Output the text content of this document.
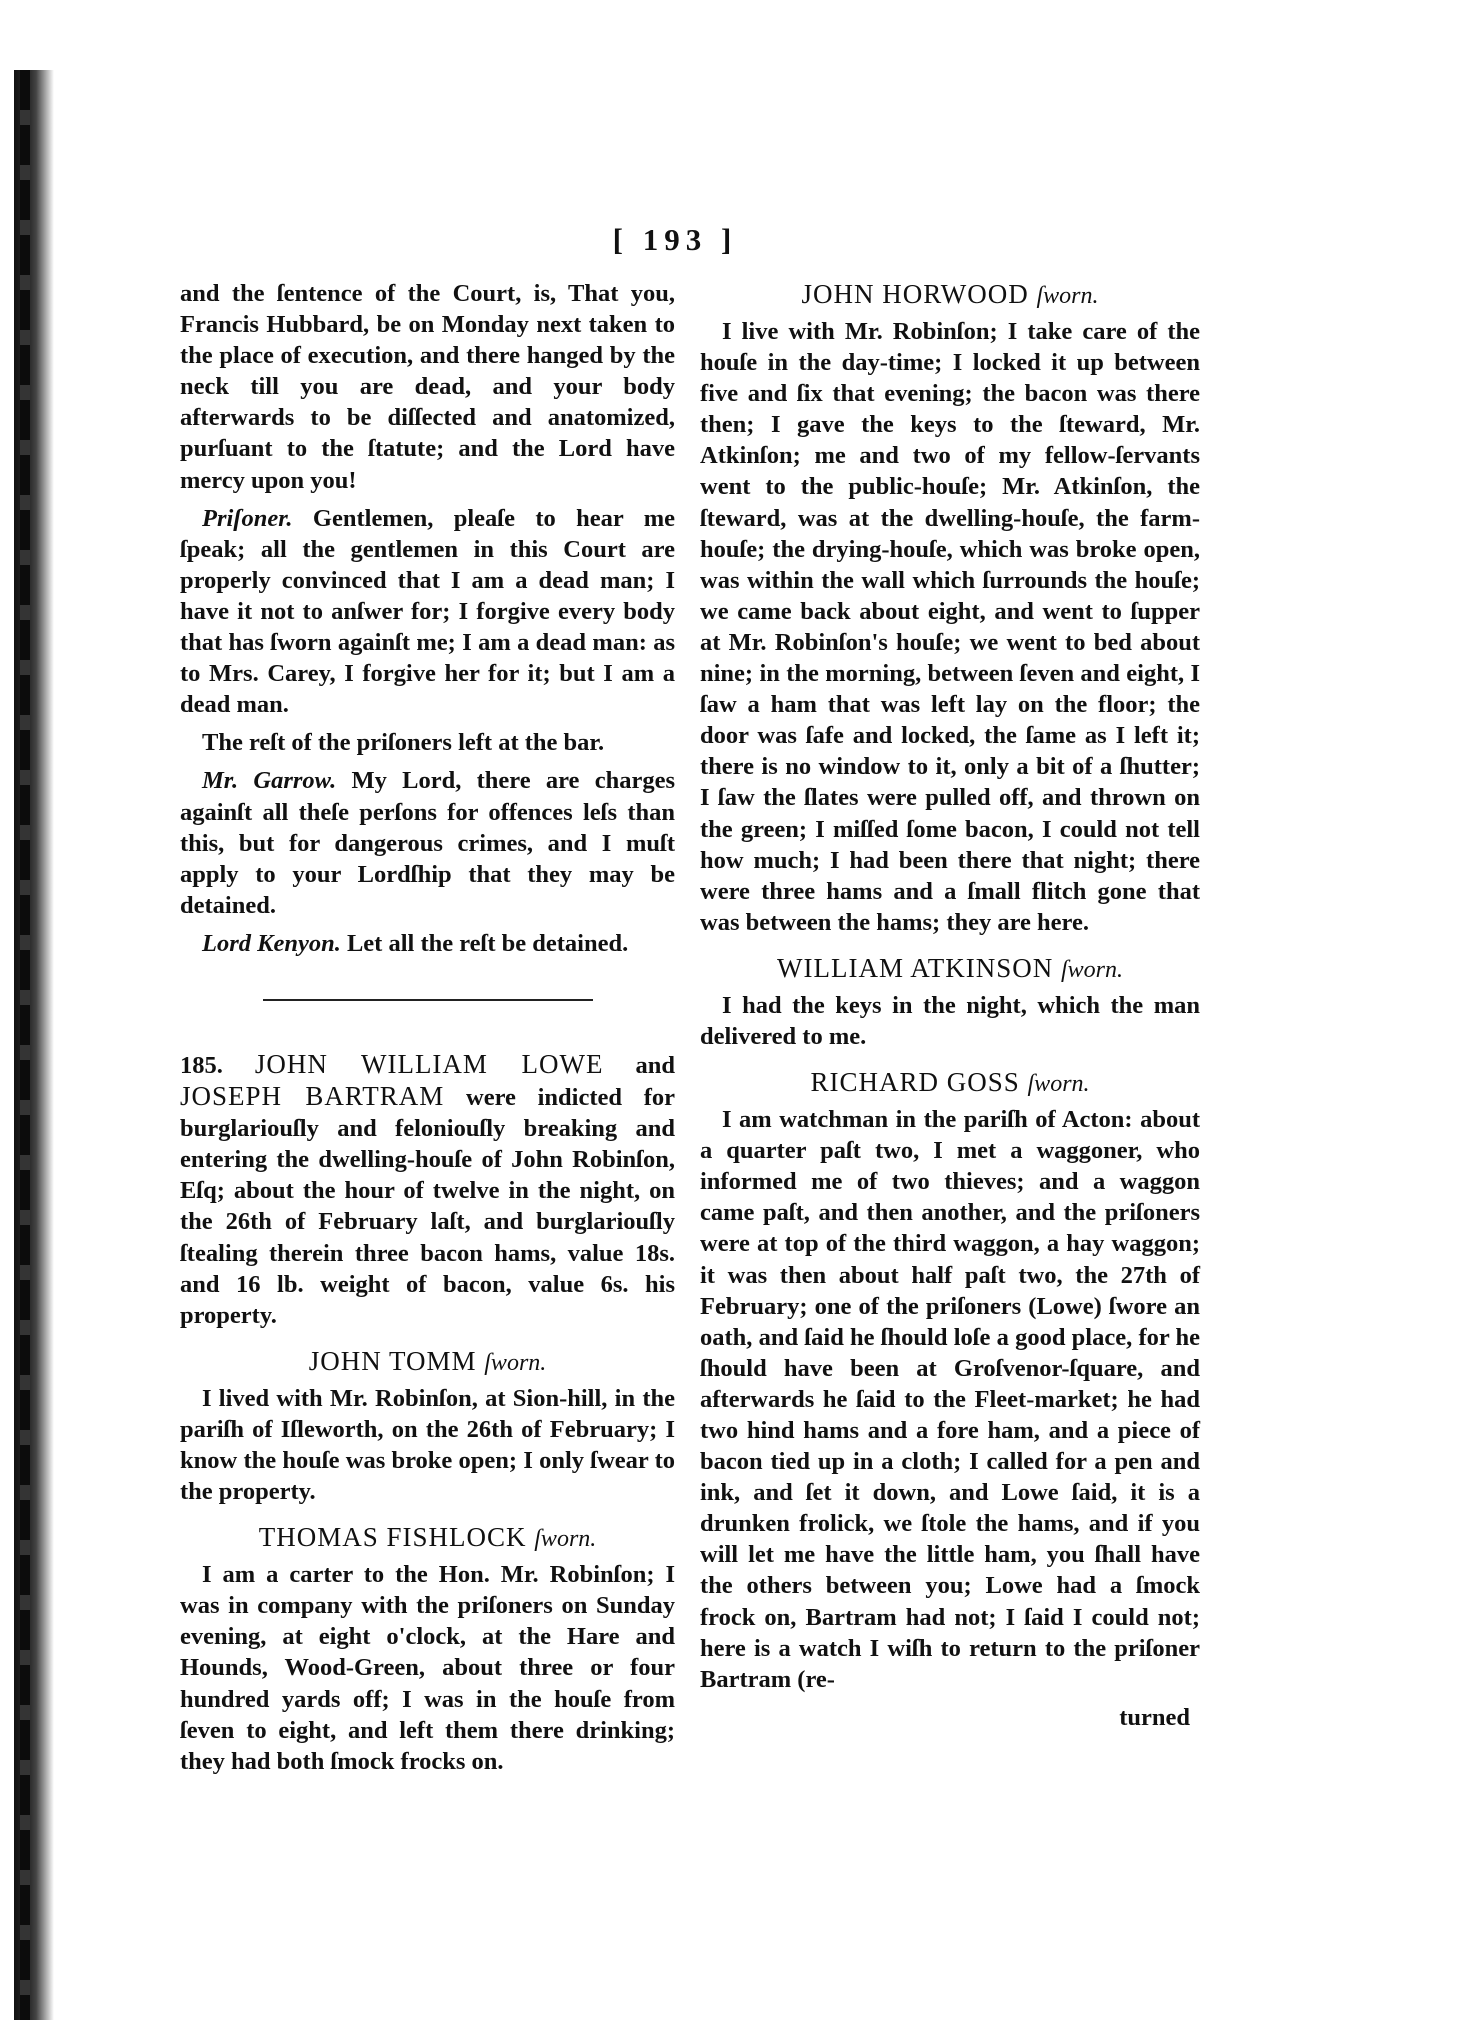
[ 193 ]

and the ſentence of the Court, is, That you, Francis Hubbard, be on Monday next taken to the place of execution, and there hanged by the neck till you are dead, and your body afterwards to be diſſected and anatomized, purſuant to the ſtatute; and the Lord have mercy upon you!

Priſoner. Gentlemen, pleaſe to hear me ſpeak; all the gentlemen in this Court are properly convinced that I am a dead man; I have it not to anſwer for; I forgive every body that has ſworn againſt me; I am a dead man: as to Mrs. Carey, I forgive her for it; but I am a dead man.

The reſt of the priſoners left at the bar.

Mr. Garrow. My Lord, there are charges againſt all theſe perſons for offences leſs than this, but for dangerous crimes, and I muſt apply to your Lordſhip that they may be detained.

Lord Kenyon. Let all the reſt be detained.

185. JOHN WILLIAM LOWE and JOSEPH BARTRAM were indicted for burglariouſly and feloniouſly breaking and entering the dwelling-houſe of John Robinſon, Eſq; about the hour of twelve in the night, on the 26th of February laſt, and burglariouſly ſtealing therein three bacon hams, value 18s. and 16 lb. weight of bacon, value 6s. his property.

JOHN TOMM ſworn.

I lived with Mr. Robinſon, at Sion-hill, in the pariſh of Iſleworth, on the 26th of February; I know the houſe was broke open; I only ſwear to the property.

THOMAS FISHLOCK ſworn.

I am a carter to the Hon. Mr. Robinſon; I was in company with the priſoners on Sunday evening, at eight o'clock, at the Hare and Hounds, Wood-Green, about three or four hundred yards off; I was in the houſe from ſeven to eight, and left them there drinking; they had both ſmock frocks on.

JOHN HORWOOD ſworn.

I live with Mr. Robinſon; I take care of the houſe in the day-time; I locked it up between five and ſix that evening; the bacon was there then; I gave the keys to the ſteward, Mr. Atkinſon; me and two of my fellow-ſervants went to the public-houſe; Mr. Atkinſon, the ſteward, was at the dwelling-houſe, the farm-houſe; the drying-houſe, which was broke open, was within the wall which ſurrounds the houſe; we came back about eight, and went to ſupper at Mr. Robinſon's houſe; we went to bed about nine; in the morning, between ſeven and eight, I ſaw a ham that was left lay on the floor; the door was ſafe and locked, the ſame as I left it; there is no window to it, only a bit of a ſhutter; I ſaw the ſlates were pulled off, and thrown on the green; I miſſed ſome bacon, I could not tell how much; I had been there that night; there were three hams and a ſmall flitch gone that was between the hams; they are here.

WILLIAM ATKINSON ſworn.

I had the keys in the night, which the man delivered to me.

RICHARD GOSS ſworn.

I am watchman in the pariſh of Acton: about a quarter paſt two, I met a waggoner, who informed me of two thieves; and a waggon came paſt, and then another, and the priſoners were at top of the third waggon, a hay waggon; it was then about half paſt two, the 27th of February; one of the priſoners (Lowe) ſwore an oath, and ſaid he ſhould loſe a good place, for he ſhould have been at Groſvenor-ſquare, and afterwards he ſaid to the Fleet-market; he had two hind hams and a fore ham, and a piece of bacon tied up in a cloth; I called for a pen and ink, and ſet it down, and Lowe ſaid, it is a drunken frolick, we ſtole the hams, and if you will let me have the little ham, you ſhall have the others between you; Lowe had a ſmock frock on, Bartram had not; I ſaid I could not; here is a watch I wiſh to return to the priſoner Bartram (re-

turned
